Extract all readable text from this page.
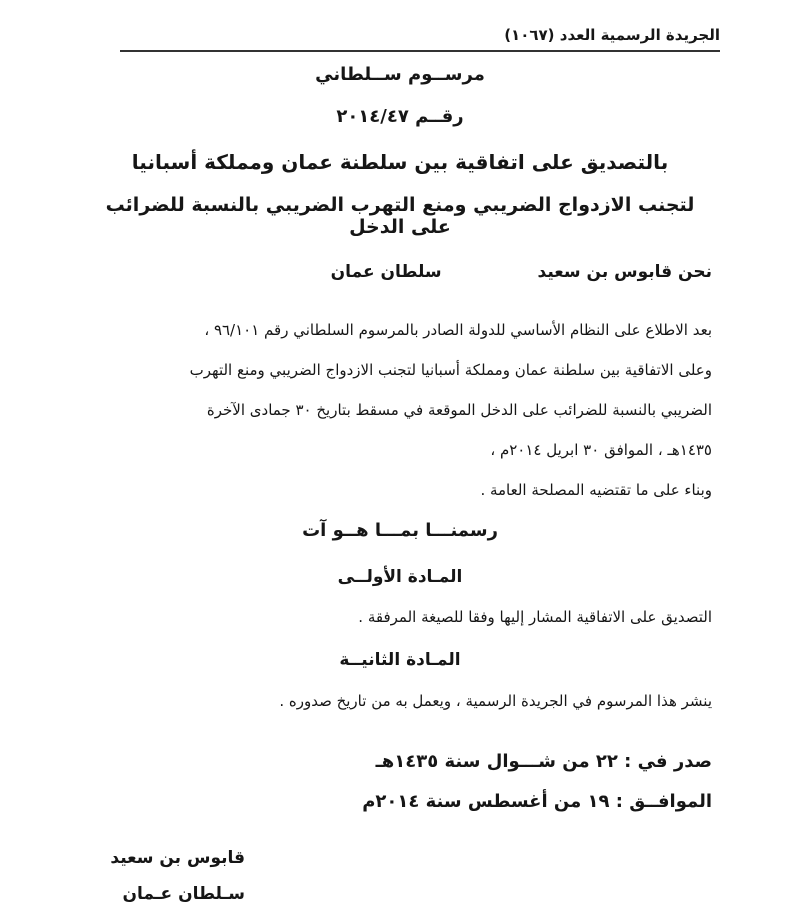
الجريدة الرسمية العدد (١٠٦٧)
مرســوم ســلطاني
رقــم ٢٠١٤/٤٧
بالتصديق على اتفاقية بين سلطنة عمان ومملكة أسبانيا
لتجنب الازدواج الضريبي ومنع التهرب الضريبي بالنسبة للضرائب على الدخل
نحن قابوس بن سعيد سلطان عمان
بعد الاطلاع على النظام الأساسي للدولة الصادر بالمرسوم السلطاني رقم ٩٦/١٠١ ،
وعلى الاتفاقية بين سلطنة عمان ومملكة أسبانيا لتجنب الازدواج الضريبي ومنع التهرب
الضريبي بالنسبة للضرائب على الدخل الموقعة في مسقط بتاريخ ٣٠ جمادى الآخرة
١٤٣٥هـ ، الموافق ٣٠ ابريل ٢٠١٤م ،
وبناء على ما تقتضيه المصلحة العامة .
رسمنـــا بمـــا هــو آت
المـادة الأولــى
التصديق على الاتفاقية المشار إليها وفقا للصيغة المرفقة .
المـادة الثانيــة
ينشر هذا المرسوم في الجريدة الرسمية ، ويعمل به من تاريخ صدوره .
صدر في : ٢٢ من شـــوال سنة ١٤٣٥هـ
الموافــق : ١٩ من أغسطس سنة ٢٠١٤م
قابوس بن سعيد
سـلطان عـمان
